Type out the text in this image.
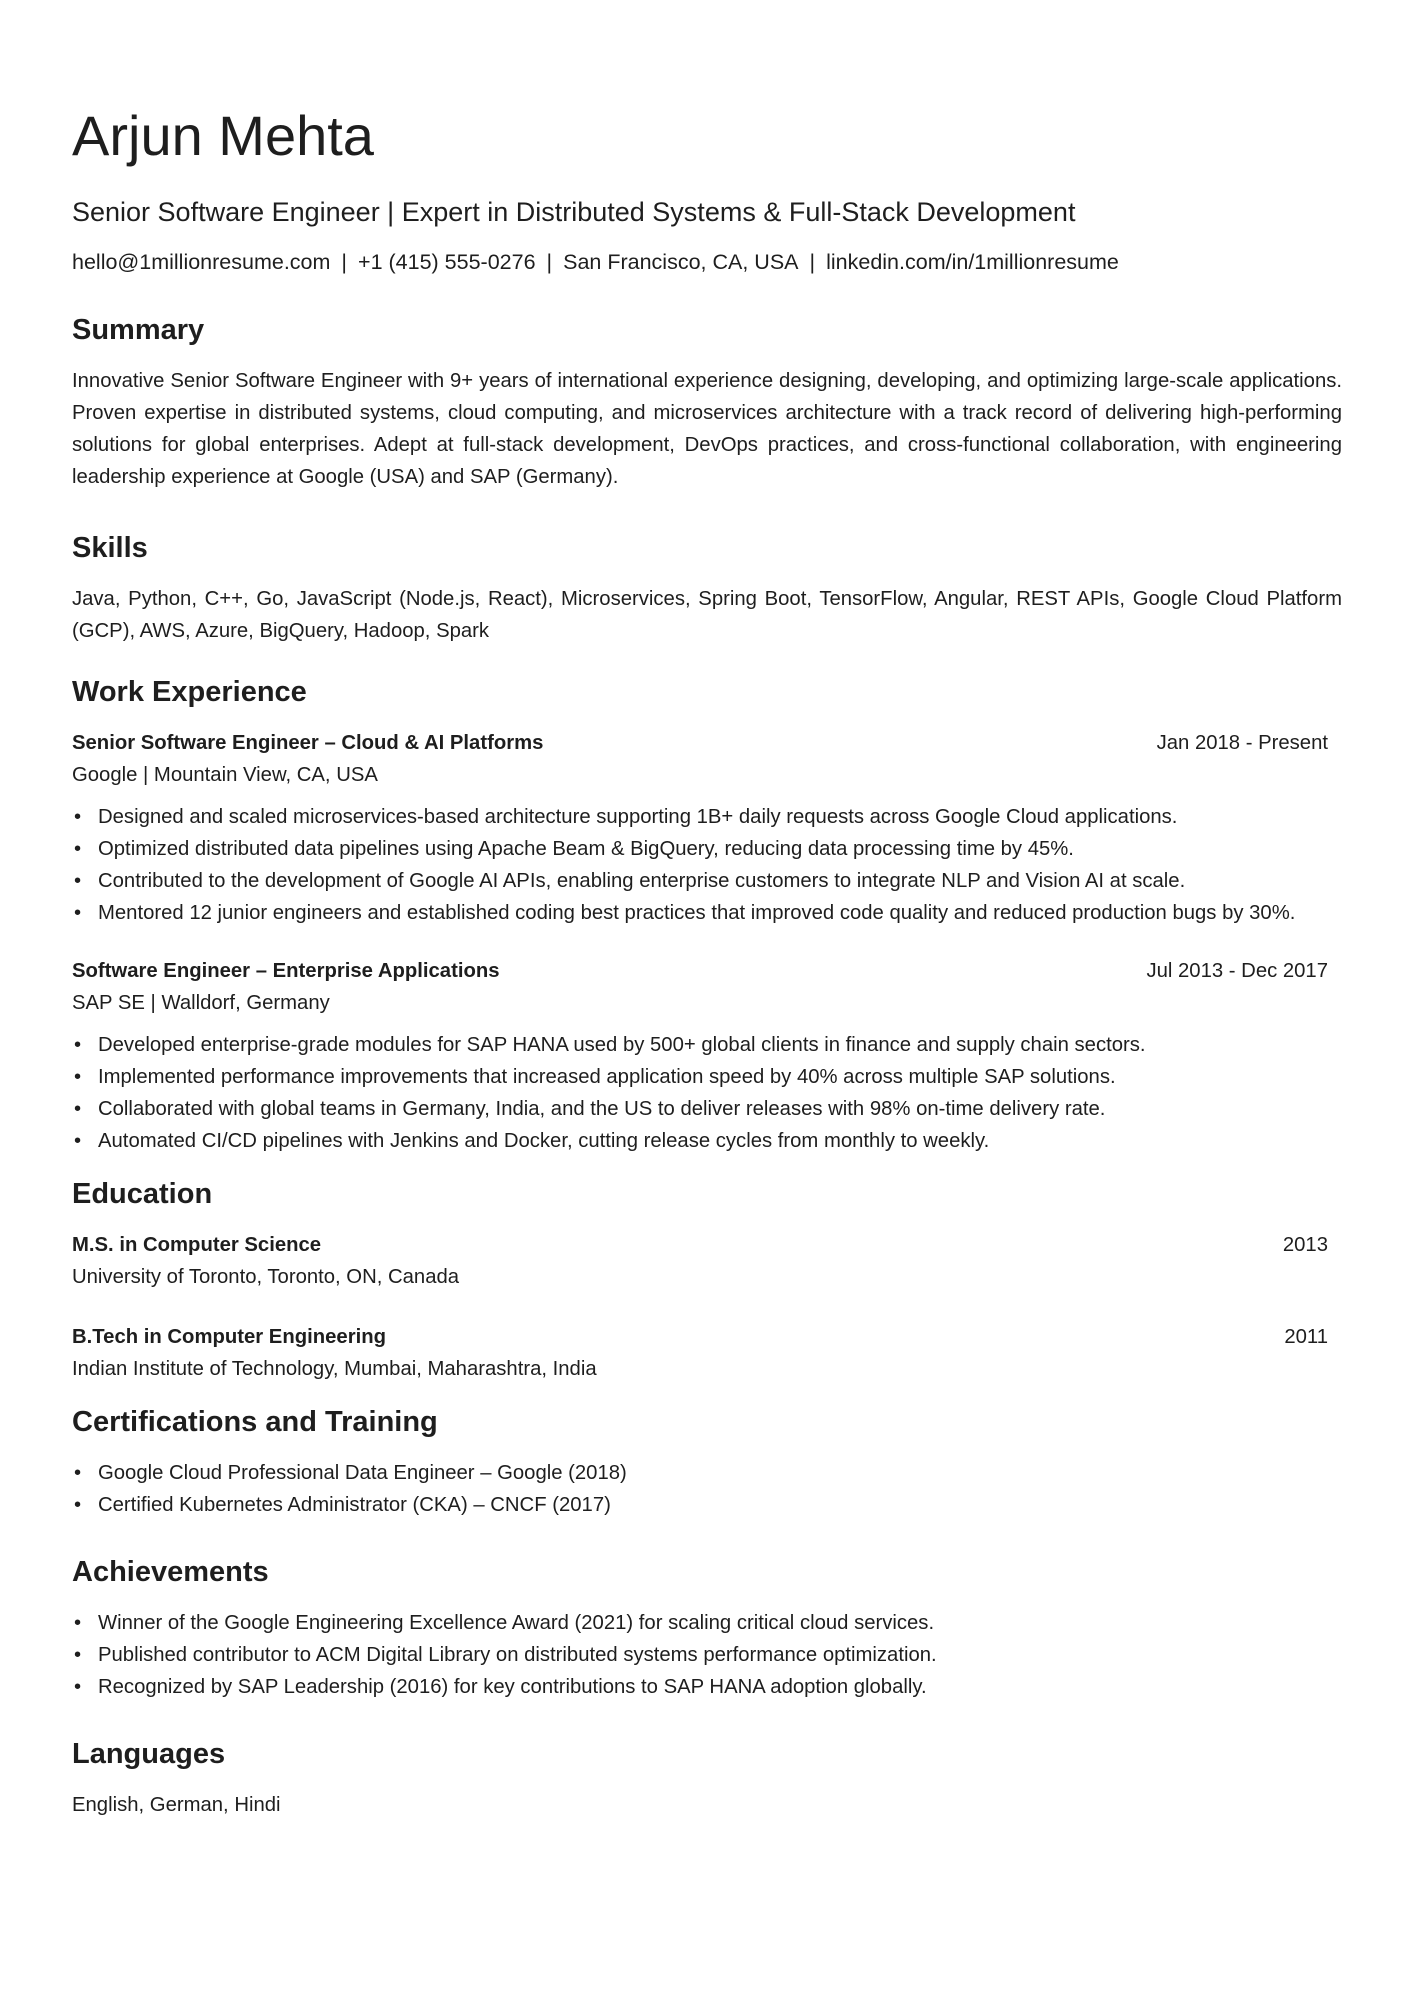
Arjun Mehta
Senior Software Engineer | Expert in Distributed Systems & Full-Stack Development
hello@1millionresume.com | +1 (415) 555-0276 | San Francisco, CA, USA | linkedin.com/in/1millionresume
Summary

Innovative Senior Software Engineer with 9+ years of international experience designing, developing, and optimizing large-scale applications. Proven expertise in distributed systems, cloud computing, and microservices architecture with a track record of delivering high-performing solutions for global enterprises. Adept at full-stack development, DevOps practices, and cross-functional collaboration, with engineering leadership experience at Google (USA) and SAP (Germany).

Skills

Java, Python, C++, Go, JavaScript (Node.js, React), Microservices, Spring Boot, TensorFlow, Angular, REST APIs, Google Cloud Platform (GCP), AWS, Azure, BigQuery, Hadoop, Spark

Work Experience
Senior Software Engineer – Cloud & AI Platforms	Jan 2018 - Present
Google | Mountain View, CA, USA
• Designed and scaled microservices-based architecture supporting 1B+ daily requests across Google Cloud applications.
• Optimized distributed data pipelines using Apache Beam & BigQuery, reducing data processing time by 45%.
• Contributed to the development of Google AI APIs, enabling enterprise customers to integrate NLP and Vision AI at scale.
• Mentored 12 junior engineers and established coding best practices that improved code quality and reduced production bugs by 30%.
Software Engineer – Enterprise Applications	Jul 2013 - Dec 2017
SAP SE | Walldorf, Germany
• Developed enterprise-grade modules for SAP HANA used by 500+ global clients in finance and supply chain sectors.
• Implemented performance improvements that increased application speed by 40% across multiple SAP solutions.
• Collaborated with global teams in Germany, India, and the US to deliver releases with 98% on-time delivery rate.
• Automated CI/CD pipelines with Jenkins and Docker, cutting release cycles from monthly to weekly.
Education
M.S. in Computer Science	2013
University of Toronto, Toronto, ON, Canada
B.Tech in Computer Engineering	2011
Indian Institute of Technology, Mumbai, Maharashtra, India
Certifications and Training
• Google Cloud Professional Data Engineer – Google (2018)
• Certified Kubernetes Administrator (CKA) – CNCF (2017)
Achievements
• Winner of the Google Engineering Excellence Award (2021) for scaling critical cloud services.
• Published contributor to ACM Digital Library on distributed systems performance optimization.
• Recognized by SAP Leadership (2016) for key contributions to SAP HANA adoption globally.
Languages

English, German, Hindi
